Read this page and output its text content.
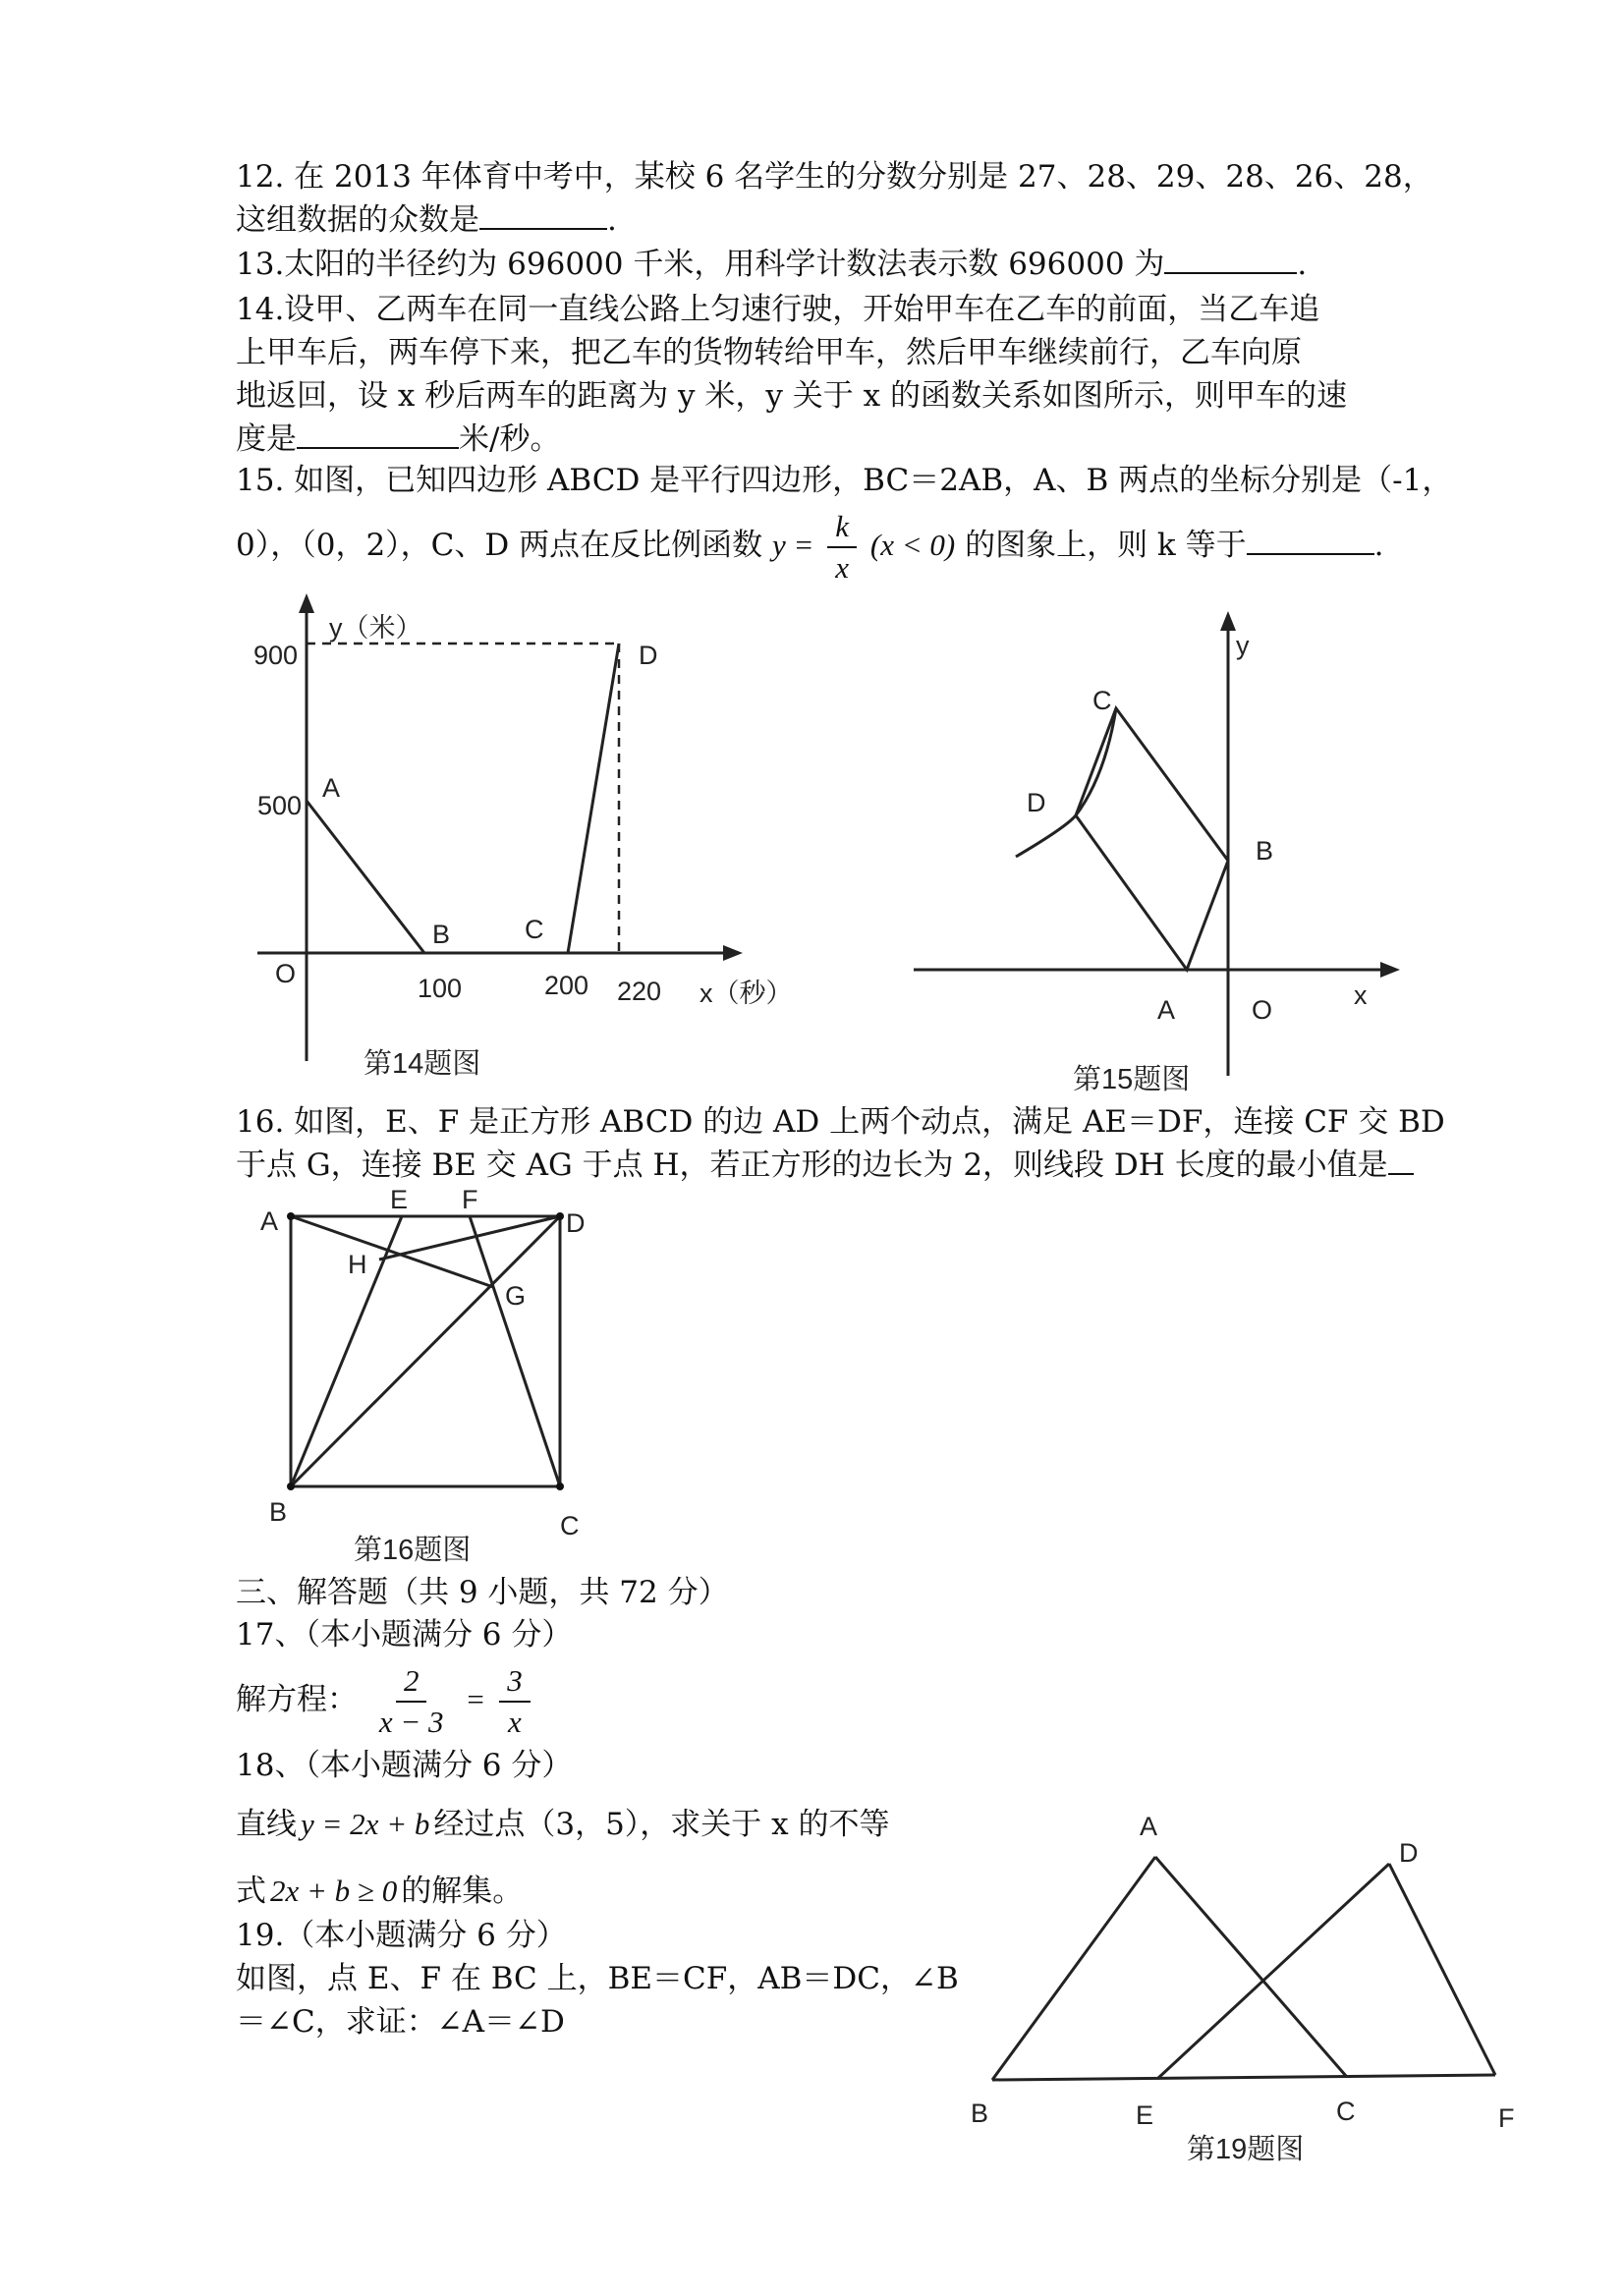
12. 在 2013 年体育中考中，某校 6 名学生的分数分别是 27、28、29、28、26、28，
这组数据的众数是	.
13.太阳的半径约为 696000 千米，用科学计数法表示数 696000 为	.
14.设甲、乙两车在同一直线公路上匀速行驶，开始甲车在乙车的前面，当乙车追
上甲车后，两车停下来，把乙车的货物转给甲车，然后甲车继续前行，乙车向原
地返回，设 x 秒后两车的距离为 y 米，y 关于 x 的函数关系如图所示，则甲车的速
度是	米/秒。
15. 如图，已知四边形 ABCD 是平行四边形，BC＝2AB，A、B 两点的坐标分别是（-1，
0），（0，2），C、D 两点在反比例函数 $y = \frac{k}{x} (x < 0)$ 的图象上，则 k 等于	.
y（米）
900
500
A
B	C
D
O	100	200 220 x（秒）
第14题图
y
C
D
B
A	O	x
第15题图
16. 如图，E、F 是正方形 ABCD 的边 AD 上两个动点，满足 AE＝DF，连接 CF 交 BD
于点 G，连接 BE 交 AG 于点 H，若正方形的边长为 2，则线段 DH 长度的最小值是
A
E F
D
H
G
B	C
第16题图
三、解答题（共 9 小题，共 72 分）
17、（本小题满分 6 分）
解方程： $\frac{2}{x - 3} = \frac{3}{x}$
18、（本小题满分 6 分）
直线 y = 2x + b 经过点（3，5），求关于 x 的不等
式 2x + b ≥ 0 的解集。
19.（本小题满分 6 分）
如图，点 E、F 在 BC 上，BE＝CF，AB＝DC，∠B
＝∠C，求证：∠A＝∠D
A
D
B	E	C	F
第19题图
